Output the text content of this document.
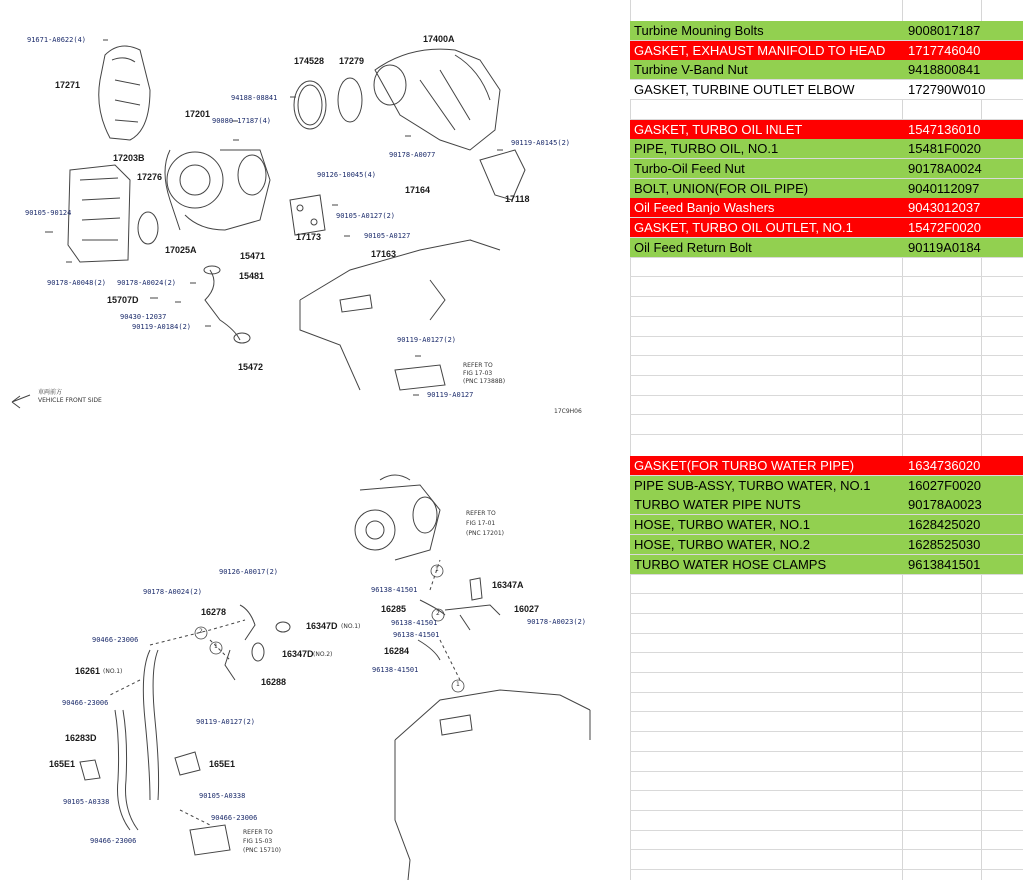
91671-A0622(4)
17271
17203B
17276
90105-90124
90178-A0048(2)
17201
90080-17187(4)
94188-08841
174528 17279
17400A
90119-A0145(2)
90178-A0077
17118
17164
90126-10045(4)
90105-A0127(2)
17173	90105-A0127
17163
17025A
15471
15481
90178-A0024(2)
15707D
90430-12037
90119-A0184(2)
15472
90119-A0127(2)
REFER TO
FIG 17-03
(PNC 17388B)
90119-A0127
車両前方
VEHICLE FRONT SIDE
17C9H06
1
2
1
2
1
REFER TO
FIG 17-01
(PNC 17201)
96138-41501	16347A
16285	16027
96138-41501	90178-A0023(2)
96138-41501
16284
96138-41501
90126-A0017(2)
90178-A0024(2)
16278
16347D (NO.1)
90466-23006
16347D (NO.2)
16261 (NO.1)
16288
90466-23006
90119-A0127(2)
16283D
165E1	165E1
90105-A0338
90105-A0338
90466-23006
90466-23006
REFER TO
FIG 15-03
(PNC 15710)
Turbine Mouning Bolts	9008017187
GASKET, EXHAUST MANIFOLD TO HEAD	1717746040
Turbine V-Band Nut	9418800841
GASKET, TURBINE OUTLET ELBOW	172790W010
GASKET, TURBO OIL INLET	1547136010
PIPE, TURBO OIL, NO.1	15481F0020
Turbo-Oil Feed Nut	90178A0024
BOLT, UNION(FOR OIL PIPE)	9040112097
Oil Feed Banjo Washers	9043012037
GASKET, TURBO OIL OUTLET, NO.1	15472F0020
Oil Feed Return Bolt	90119A0184
GASKET(FOR TURBO WATER PIPE)	1634736020
PIPE SUB-ASSY, TURBO WATER, NO.1	16027F0020
TURBO WATER PIPE NUTS	90178A0023
HOSE, TURBO WATER, NO.1	1628425020
HOSE, TURBO WATER, NO.2	1628525030
TURBO WATER HOSE CLAMPS	9613841501
